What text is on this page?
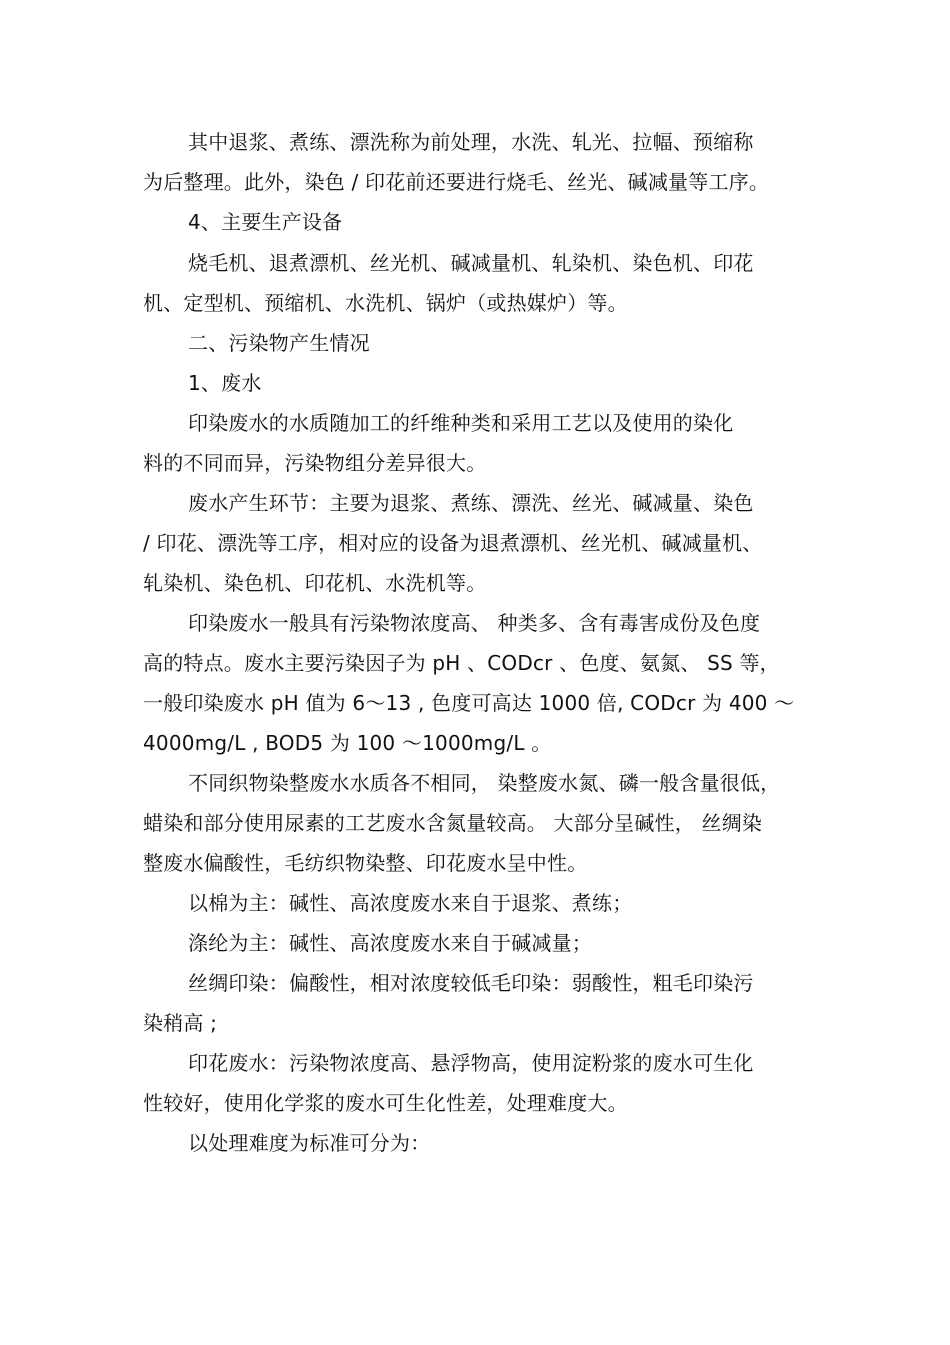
其中退浆、煮练、漂洗称为前处理，水洗、轧光、拉幅、预缩称
为后整理。此外，染色 / 印花前还要进行烧毛、丝光、碱减量等工序。
4、主要生产设备
烧毛机、退煮漂机、丝光机、碱减量机、轧染机、染色机、印花
机、定型机、预缩机、水洗机、锅炉（或热媒炉）等。
二、污染物产生情况
1、废水
印染废水的水质随加工的纤维种类和采用工艺以及使用的染化
料的不同而异，污染物组分差异很大。
废水产生环节：主要为退浆、煮练、漂洗、丝光、碱减量、染色
/ 印花、漂洗等工序，相对应的设备为退煮漂机、丝光机、碱减量机、
轧染机、染色机、印花机、水洗机等。
印染废水一般具有污染物浓度高、 种类多、含有毒害成份及色度
高的特点。废水主要污染因子为 pH 、CODcr 、色度、氨氮、 SS 等，
一般印染废水 pH 值为 6～13 , 色度可高达 1000 倍, CODcr 为 400 ～
4000mg/L , BOD5 为 100 ～1000mg/L 。
不同织物染整废水水质各不相同， 染整废水氮、磷一般含量很低，
蜡染和部分使用尿素的工艺废水含氮量较高。 大部分呈碱性， 丝绸染
整废水偏酸性，毛纺织物染整、印花废水呈中性。
以棉为主：碱性、高浓度废水来自于退浆、煮练；
涤纶为主：碱性、高浓度废水来自于碱减量；
丝绸印染：偏酸性，相对浓度较低毛印染：弱酸性，粗毛印染污
染稍高 ;
印花废水：污染物浓度高、悬浮物高，使用淀粉浆的废水可生化
性较好，使用化学浆的废水可生化性差，处理难度大。
以处理难度为标准可分为：
